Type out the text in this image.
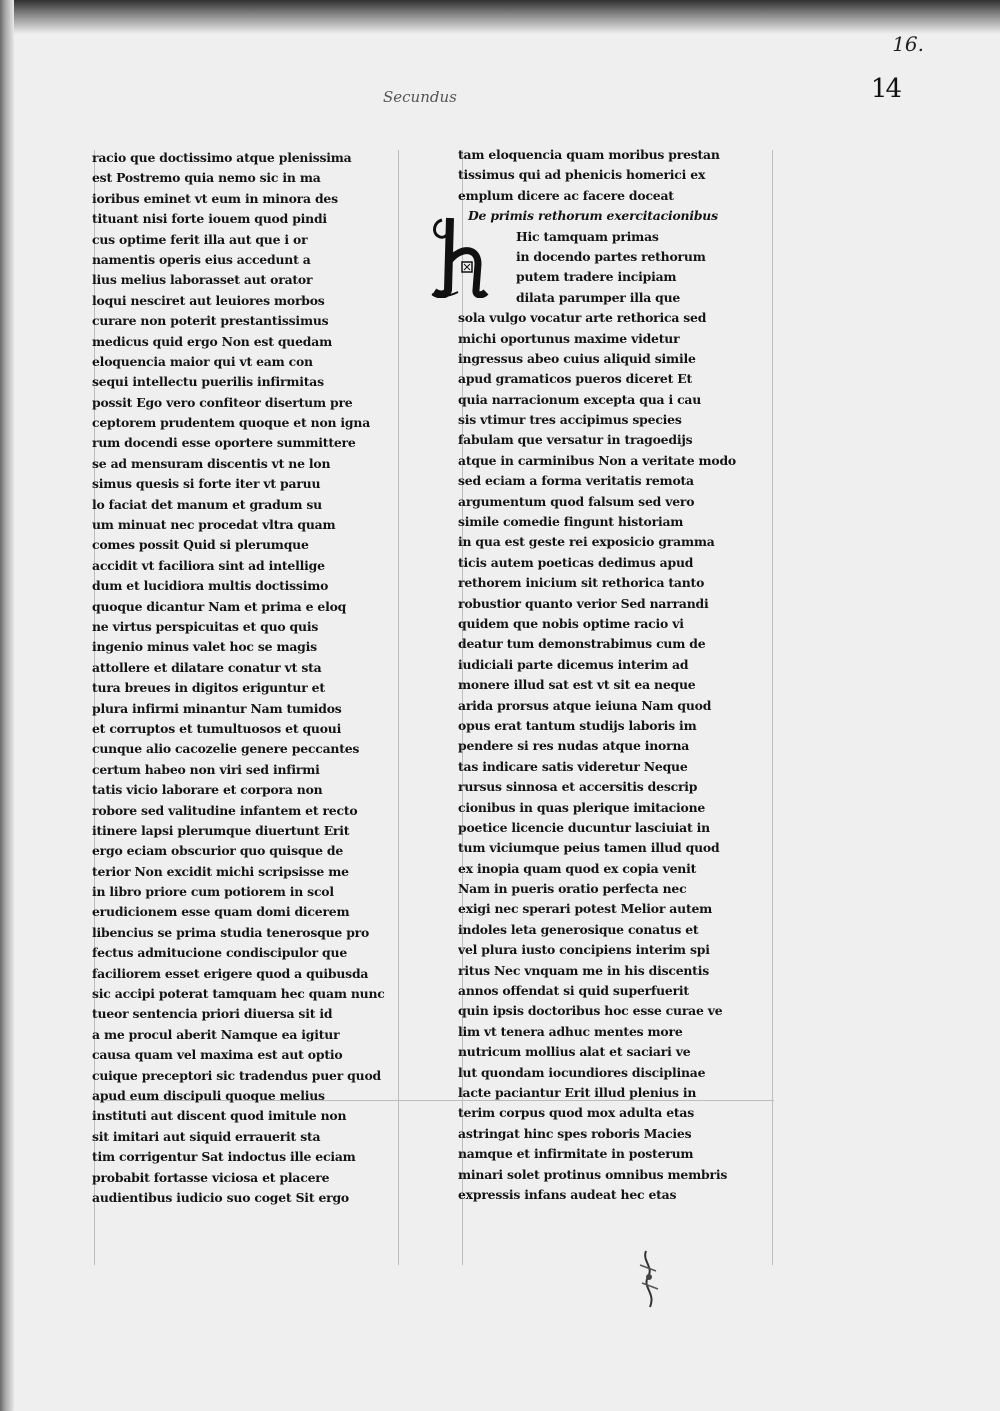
16.
14
Secundus
racio que doctissimo atque plenissima
est Postremo quia nemo sic in ma
ioribus eminet vt eum in minora des
tituant nisi forte iouem quod pindi
cus optime ferit illa aut que i or
namentis operis eius accedunt a
lius melius laborasset aut orator
loqui nesciret aut leuiores morbos
curare non poterit prestantissimus
medicus quid ergo Non est quedam
eloquencia maior qui vt eam con
sequi intellectu puerilis infirmitas
possit Ego vero confiteor disertum pre
ceptorem prudentem quoque et non igna
rum docendi esse oportere summittere
se ad mensuram discentis vt ne lon
simus quesis si forte iter vt paruu
lo faciat det manum et gradum su
um minuat nec procedat vltra quam
comes possit Quid si plerumque
accidit vt faciliora sint ad intellige
dum et lucidiora multis doctissimo
quoque dicantur Nam et prima e eloq
ne virtus perspicuitas et quo quis
ingenio minus valet hoc se magis
attollere et dilatare conatur vt sta
tura breues in digitos eriguntur et
plura infirmi minantur Nam tumidos
et corruptos et tumultuosos et quoui
cunque alio cacozelie genere peccantes
certum habeo non viri sed infirmi
tatis vicio laborare et corpora non
robore sed valitudine infantem et recto
itinere lapsi plerumque diuertunt Erit
ergo eciam obscurior quo quisque de
terior Non excidit michi scripsisse me
in libro priore cum potiorem in scol
erudicionem esse quam domi dicerem
libencius se prima studia tenerosque pro
fectus admitucione condiscipulor que
faciliorem esset erigere quod a quibusda
sic accipi poterat tamquam hec quam nunc
tueor sentencia priori diuersa sit id
a me procul aberit Namque ea igitur
causa quam vel maxima est aut optio
cuique preceptori sic tradendus puer quod
apud eum discipuli quoque melius
instituti aut discent quod imitule non
sit imitari aut siquid errauerit sta
tim corrigentur Sat indoctus ille eciam
probabit fortasse viciosa et placere
audientibus iudicio suo coget Sit ergo
tam eloquencia quam moribus prestan
tissimus qui ad phenicis homerici ex
emplum dicere ac facere doceat
De primis rethorum exercitacionibus
Hic tamquam primas
in docendo partes rethorum
putem tradere incipiam
dilata parumper illa que
sola vulgo vocatur arte rethorica sed
michi oportunus maxime videtur
ingressus abeo cuius aliquid simile
apud gramaticos pueros diceret Et
quia narracionum excepta qua i cau
sis vtimur tres accipimus species
fabulam que versatur in tragoedijs
atque in carminibus Non a veritate modo
sed eciam a forma veritatis remota
argumentum quod falsum sed vero
simile comedie fingunt historiam
in qua est geste rei exposicio gramma
ticis autem poeticas dedimus apud
rethorem inicium sit rethorica tanto
robustior quanto verior Sed narrandi
quidem que nobis optime racio vi
deatur tum demonstrabimus cum de
iudiciali parte dicemus interim ad
monere illud sat est vt sit ea neque
arida prorsus atque ieiuna Nam quod
opus erat tantum studijs laboris im
pendere si res nudas atque inorna
tas indicare satis videretur Neque
rursus sinnosa et accersitis descrip
cionibus in quas plerique imitacione
poetice licencie ducuntur lasciuiat in
tum viciumque peius tamen illud quod
ex inopia quam quod ex copia venit
Nam in pueris oratio perfecta nec
exigi nec sperari potest Melior autem
indoles leta generosique conatus et
vel plura iusto concipiens interim spi
ritus Nec vnquam me in his discentis
annos offendat si quid superfuerit
quin ipsis doctoribus hoc esse curae ve
lim vt tenera adhuc mentes more
nutricum mollius alat et saciari ve
lut quondam iocundiores disciplinae
lacte paciantur Erit illud plenius in
terim corpus quod mox adulta etas
astringat hinc spes roboris Macies
namque et infirmitate in posterum
minari solet protinus omnibus membris
expressis infans audeat hec etas
